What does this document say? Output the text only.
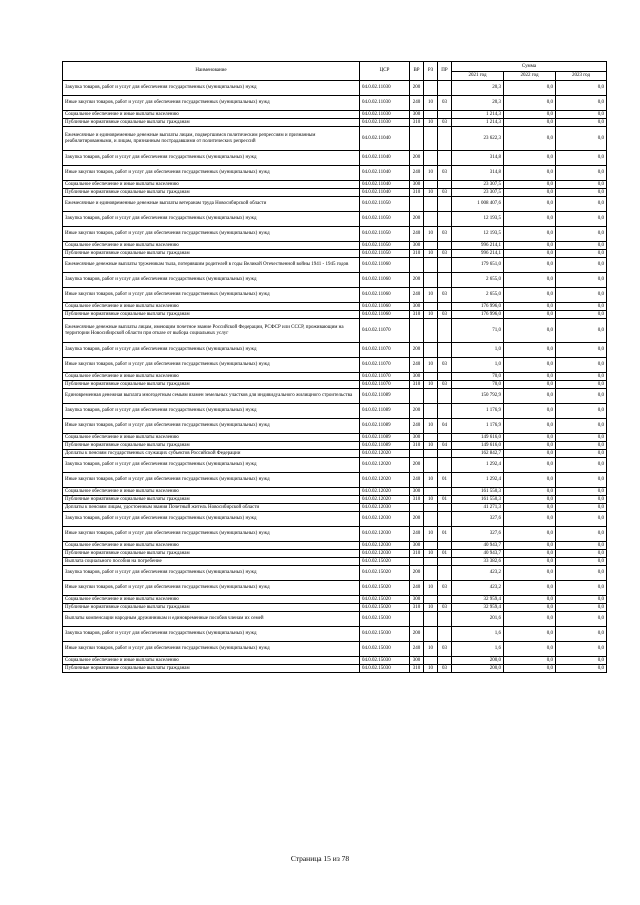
Наименование	ЦСР	ВР	РЗ	ПР	Сумма		
					2021 год	2022 год	2023 год
Закупка товаров, работ и услуг для обеспечения государственных (муниципальных) нужд	04.0.02.11030	200			20,3	0,0	0,0
Иные закупки товаров, работ и услуг для обеспечения государственных (муниципальных) нужд	04.0.02.11030	240	10	03	20,3	0,0	0,0
Социальное обеспечение и иные выплаты населению	04.0.02.11030	300			1 214,3	0,0	0,0
Публичные нормативные социальные выплаты гражданам	04.0.02.11030	310	10	03	1 214,3	0,0	0,0
Ежемесячные и единовременные денежные выплаты лицам, подвергшимся политическим репрессиям и признанным реабилитированными, и лицам, признанным пострадавшими от политических репрессий	04.0.02.11040				23 622,3	0,0	0,0
Закупка товаров, работ и услуг для обеспечения государственных (муниципальных) нужд	04.0.02.11040	200			314,8	0,0	0,0
Иные закупки товаров, работ и услуг для обеспечения государственных (муниципальных) нужд	04.0.02.11040	240	10	03	314,8	0,0	0,0
Социальное обеспечение и иные выплаты населению	04.0.02.11040	300			23 307,5	0,0	0,0
Публичные нормативные социальные выплаты гражданам	04.0.02.11040	310	10	03	23 307,5	0,0	0,0
Ежемесячные и единовременные денежные выплаты ветеранам труда Новосибирской области	04.0.02.11050				1 008 407,6	0,0	0,0
Закупка товаров, работ и услуг для обеспечения государственных (муниципальных) нужд	04.0.02.11050	200			12 193,5	0,0	0,0
Иные закупки товаров, работ и услуг для обеспечения государственных (муниципальных) нужд	04.0.02.11050	240	10	03	12 193,5	0,0	0,0
Социальное обеспечение и иные выплаты населению	04.0.02.11050	300			996 214,1	0,0	0,0
Публичные нормативные социальные выплаты гражданам	04.0.02.11050	310	10	03	996 214,1	0,0	0,0
Ежемесячные денежные выплаты труженикам тыла, потерявшим родителей в годы Великой Отечественной войны 1941 - 1945 годов	04.0.02.11060				179 651,0	0,0	0,0
Закупка товаров, работ и услуг для обеспечения государственных (муниципальных) нужд	04.0.02.11060	200			2 655,0	0,0	0,0
Иные закупки товаров, работ и услуг для обеспечения государственных (муниципальных) нужд	04.0.02.11060	240	10	03	2 655,0	0,0	0,0
Социальное обеспечение и иные выплаты населению	04.0.02.11060	300			176 996,0	0,0	0,0
Публичные нормативные социальные выплаты гражданам	04.0.02.11060	310	10	03	176 996,0	0,0	0,0
Ежемесячные денежные выплаты лицам, имеющим почетное звание Российской Федерации, РСФСР или СССР, проживающим на территории Новосибирской области при отказе от выбора социальных услуг	04.0.02.11070				71,0	0,0	0,0
Закупка товаров, работ и услуг для обеспечения государственных (муниципальных) нужд	04.0.02.11070	200			1,0	0,0	0,0
Иные закупки товаров, работ и услуг для обеспечения государственных (муниципальных) нужд	04.0.02.11070	240	10	03	1,0	0,0	0,0
Социальное обеспечение и иные выплаты населению	04.0.02.11070	300			70,0	0,0	0,0
Публичные нормативные социальные выплаты гражданам	04.0.02.11070	310	10	03	70,0	0,0	0,0
Единовременная денежная выплата многодетным семьям взамен земельных участков для индивидуального жилищного строительства	04.0.02.11089				150 792,9	0,0	0,0
Закупка товаров, работ и услуг для обеспечения государственных (муниципальных) нужд	04.0.02.11089	200			1 176,9	0,0	0,0
Иные закупки товаров, работ и услуг для обеспечения государственных (муниципальных) нужд	04.0.02.11089	240	10	04	1 176,9	0,0	0,0
Социальное обеспечение и иные выплаты населению	04.0.02.11089	300			149 616,0	0,0	0,0
Публичные нормативные социальные выплаты гражданам	04.0.02.11089	310	10	04	149 616,0	0,0	0,0
Доплаты к пенсиям государственных служащих субъектов Российской Федерации	04.0.02.12020				162 842,7	0,0	0,0
Закупка товаров, работ и услуг для обеспечения государственных (муниципальных) нужд	04.0.02.12020	200			1 292,4	0,0	0,0
Иные закупки товаров, работ и услуг для обеспечения государственных (муниципальных) нужд	04.0.02.12020	240	10	01	1 292,4	0,0	0,0
Социальное обеспечение и иные выплаты населению	04.0.02.12020	300			161 550,3	0,0	0,0
Публичные нормативные социальные выплаты гражданам	04.0.02.12020	310	10	01	161 550,3	0,0	0,0
Доплаты к пенсиям лицам, удостоенным звания Почетный житель Новосибирской области	04.0.02.12030				41 271,3	0,0	0,0
Закупка товаров, работ и услуг для обеспечения государственных (муниципальных) нужд	04.0.02.12030	200			327,6	0,0	0,0
Иные закупки товаров, работ и услуг для обеспечения государственных (муниципальных) нужд	04.0.02.12030	240	10	01	327,6	0,0	0,0
Социальное обеспечение и иные выплаты населению	04.0.02.12030	300			40 943,7	0,0	0,0
Публичные нормативные социальные выплаты гражданам	04.0.02.12030	310	10	01	40 943,7	0,0	0,0
Выплата социального пособия на погребение	04.0.02.15020				33 382,6	0,0	0,0
Закупка товаров, работ и услуг для обеспечения государственных (муниципальных) нужд	04.0.02.15020	200			423,2	0,0	0,0
Иные закупки товаров, работ и услуг для обеспечения государственных (муниципальных) нужд	04.0.02.15020	240	10	03	423,2	0,0	0,0
Социальное обеспечение и иные выплаты населению	04.0.02.15020	300			32 959,4	0,0	0,0
Публичные нормативные социальные выплаты гражданам	04.0.02.15020	310	10	03	32 959,4	0,0	0,0
Выплаты компенсации народным дружинникам и единовременные пособия членам их семей	04.0.02.15030				201,6	0,0	0,0
Закупка товаров, работ и услуг для обеспечения государственных (муниципальных) нужд	04.0.02.15030	200			1,6	0,0	0,0
Иные закупки товаров, работ и услуг для обеспечения государственных (муниципальных) нужд	04.0.02.15030	240	10	03	1,6	0,0	0,0
Социальное обеспечение и иные выплаты населению	04.0.02.15030	300			200,0	0,0	0,0
Публичные нормативные социальные выплаты гражданам	04.0.02.15030	310	10	03	200,0	0,0	0,0
Страница 15 из 78
